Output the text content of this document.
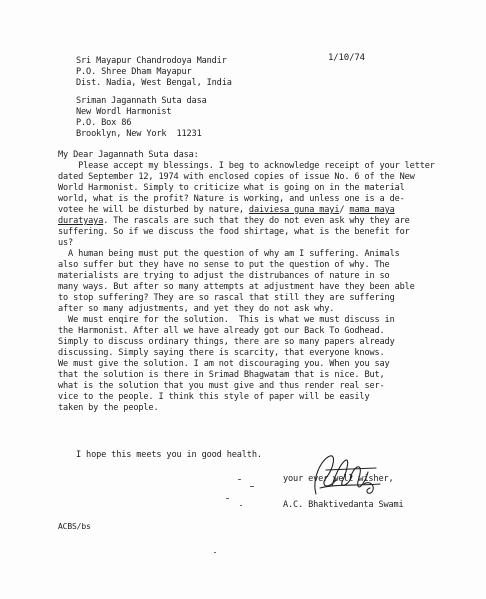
Sri Mayapur Chandrodoya Mandir
P.O. Shree Dham Mayapur
Dist. Nadia, West Bengal, India
1/10/74
Sriman Jagannath Suta dasa
New Wordl Harmonist
P.O. Box 86
Brooklyn, New York  11231
My Dear Jagannath Suta dasa:
Please accept my blessings. I beg to acknowledge receipt of your letter
dated September 12, 1974 with enclosed copies of issue No. 6 of the New
World Harmonist. Simply to criticize what is going on in the material
world, what is the profit? Nature is working, and unless one is a de-
votee he will be disturbed by nature, daiviesa guna mayi/ mama maya
duratyaya. The rascals are such that they do not even ask why they are
suffering. So if we discuss the food shirtage, what is the benefit for
us?
A human being must put the question of why am I suffering. Animals
also suffer but they have no sense to put the question of why. The
materialists are trying to adjust the distrubances of nature in so
many ways. But after so many attempts at adjustment have they been able
to stop suffering? They are so rascal that still they are suffering
after so many adjustments, and yet they do not ask why.
We must enqire for the solution.  This is what we must discuss in
the Harmonist. After all we have already got our Back To Godhead.
Simply to discuss ordinary things, there are so many papers already
discussing. Simply saying there is scarcity, that everyone knows.
We must give the solution. I am not discouraging you. When you say
that the solution is there in Srimad Bhagwatam that is nice. But,
what is the solution that you must give and thus render real ser-
vice to the people. I think this style of paper will be easily
taken by the people.
I hope this meets you in good health.
your ever well wisher,
A.C. Bhaktivedanta Swami
ACBS/bs
